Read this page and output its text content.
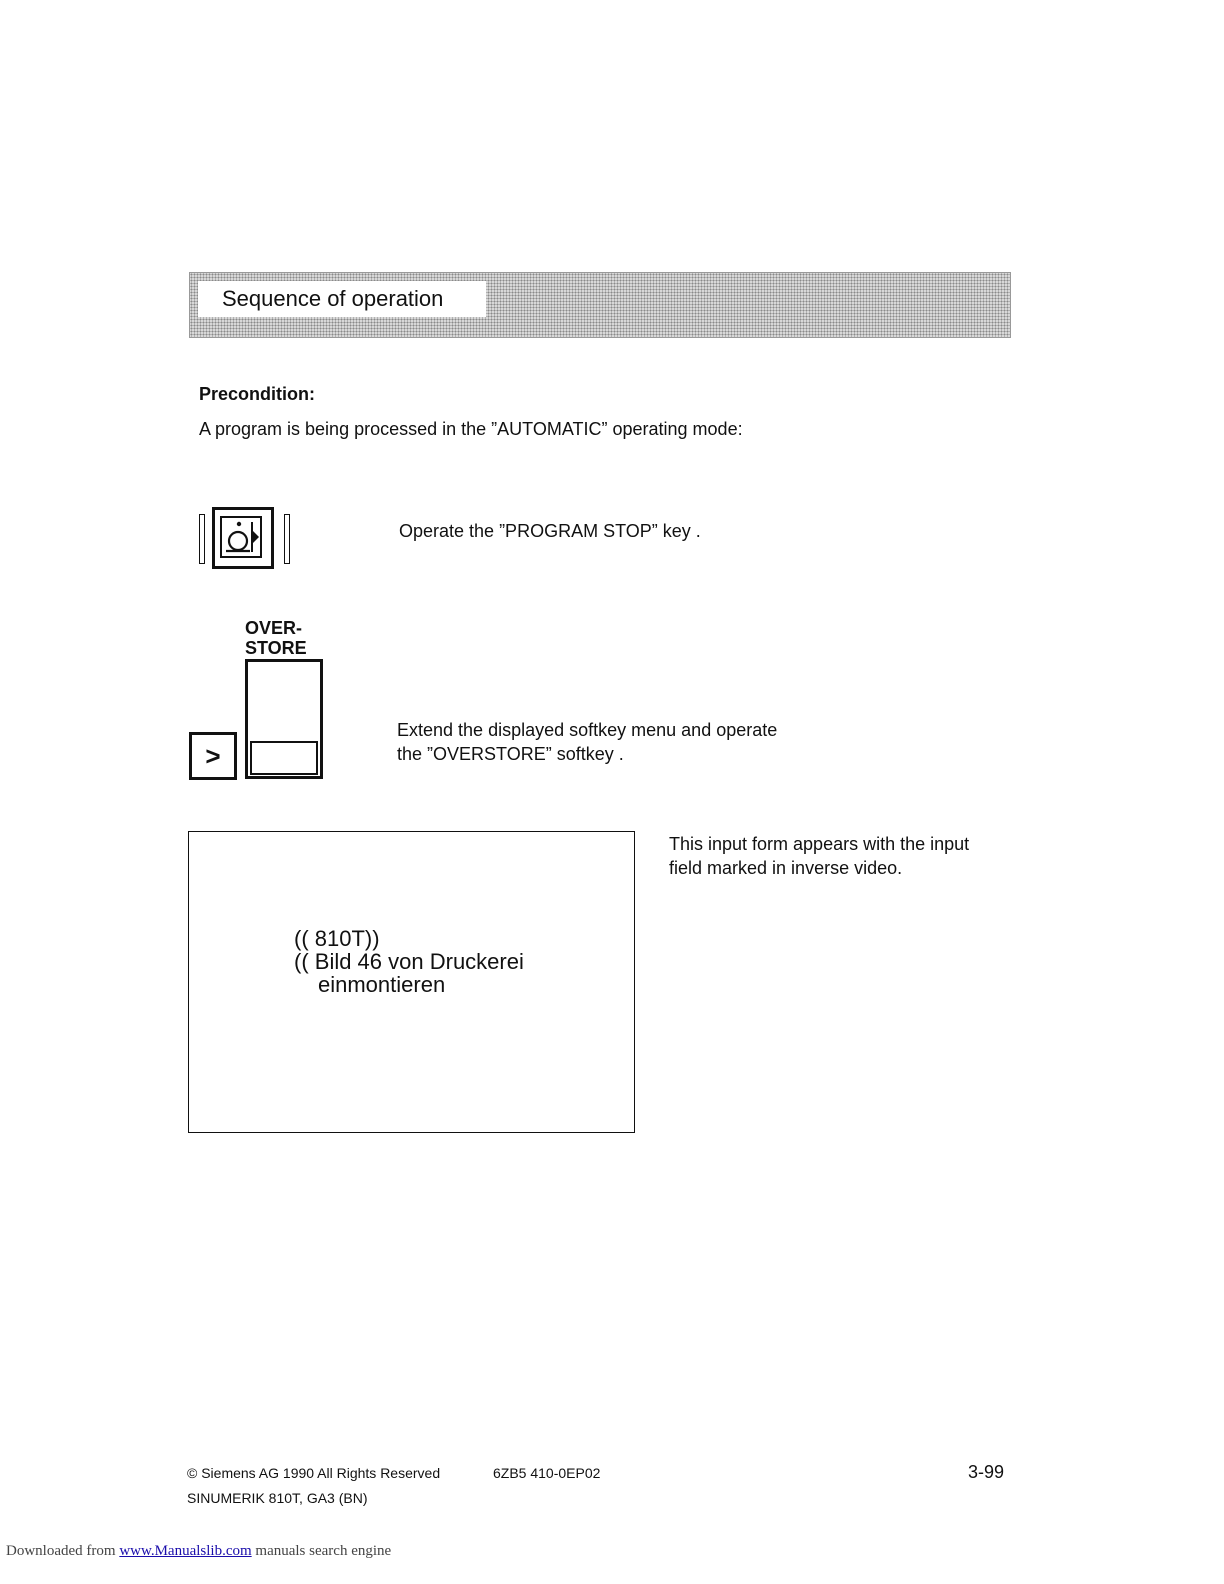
Sequence of operation
Precondition:
A program is being processed in the ”AUTOMATIC” operating mode:
Operate the ”PROGRAM STOP” key .
OVER-
STORE
>
Extend the displayed softkey menu and operate
the ”OVERSTORE” softkey .
(( 810T))
(( Bild 46 von Druckerei
einmontieren
This input form appears with the input
field marked in inverse video.
© Siemens AG 1990 All Rights Reserved	6ZB5 410-0EP02	3-99
SINUMERIK 810T, GA3 (BN)
Downloaded from www.Manualslib.com manuals search engine
